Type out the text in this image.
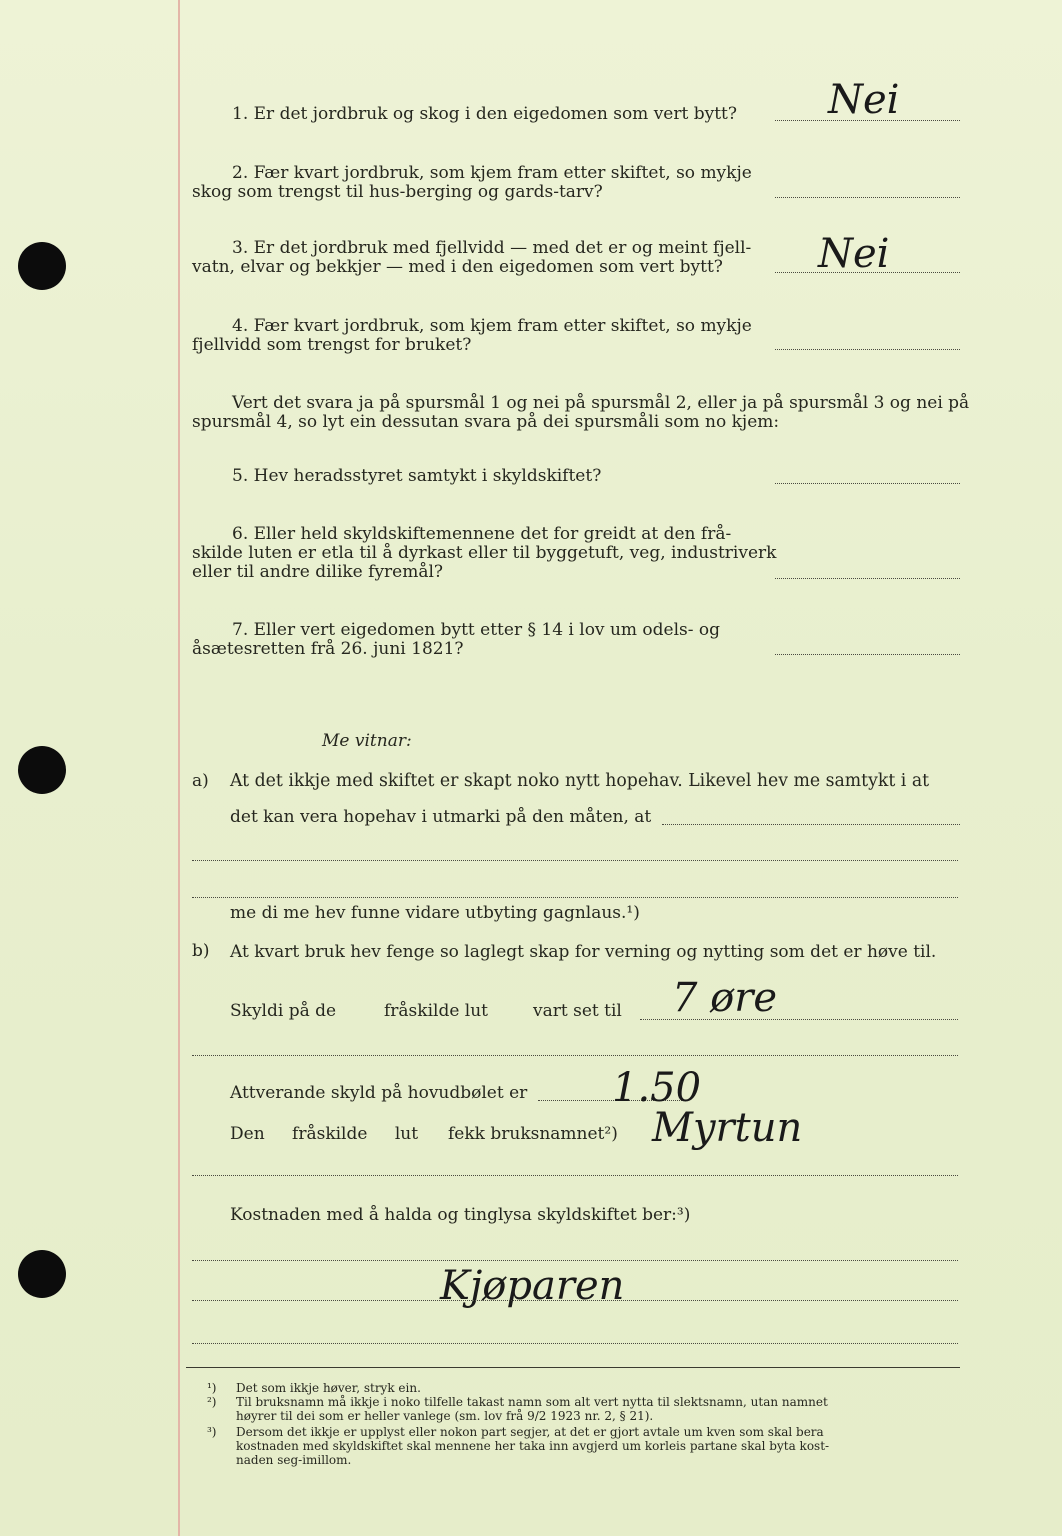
1. Er det jordbruk og skog i den eigedomen som vert bytt? Nei
2. Fær kvart jordbruk, som kjem fram etter skiftet, so mykje
skog som trengst til hus-berging og gards-tarv?
3. Er det jordbruk med fjellvidd — med det er og meint fjell-
vatn, elvar og bekkjer — med i den eigedomen som vert bytt? Nei
4. Fær kvart jordbruk, som kjem fram etter skiftet, so mykje
fjellvidd som trengst for bruket?
Vert det svara ja på spursmål 1 og nei på spursmål 2, eller ja på spursmål 3 og nei på
spursmål 4, so lyt ein dessutan svara på dei spursmåli som no kjem:
5. Hev heradsstyret samtykt i skyldskiftet?
6. Eller held skyldskiftemennene det for greidt at den frå-
skilde luten er etla til å dyrkast eller til byggetuft, veg, industriverk
eller til andre dilike fyremål?
7. Eller vert eigedomen bytt etter § 14 i lov um odels- og
åsætesretten frå 26. juni 1821?
Me vitnar:
a) At det ikkje med skiftet er skapt noko nytt hopehav. Likevel hev me samtykt i at
det kan vera hopehav i utmarki på den måten, at
me di me hev funne vidare utbyting gagnlaus.¹)
b) At kvart bruk hev fenge so laglegt skap for verning og nytting som det er høve til.
Skyldi på de	fråskilde lut	vart set til 7 øre
Attverande skyld på hovudbølet er 1.50
Den fråskilde lut fekk bruksnamnet²) Myrtun
Kostnaden med å halda og tinglysa skyldskiftet ber:³)
Kjøparen
¹) Det som ikkje høver, stryk ein.
²) Til bruksnamn må ikkje i noko tilfelle takast namn som alt vert nytta til slektsnamn, utan namnet
høyrer til dei som er heller vanlege (sm. lov frå 9/2 1923 nr. 2, § 21).
³) Dersom det ikkje er upplyst eller nokon part segjer, at det er gjort avtale um kven som skal bera
kostnaden med skyldskiftet skal mennene her taka inn avgjerd um korleis partane skal byta kost-
naden seg-imillom.
